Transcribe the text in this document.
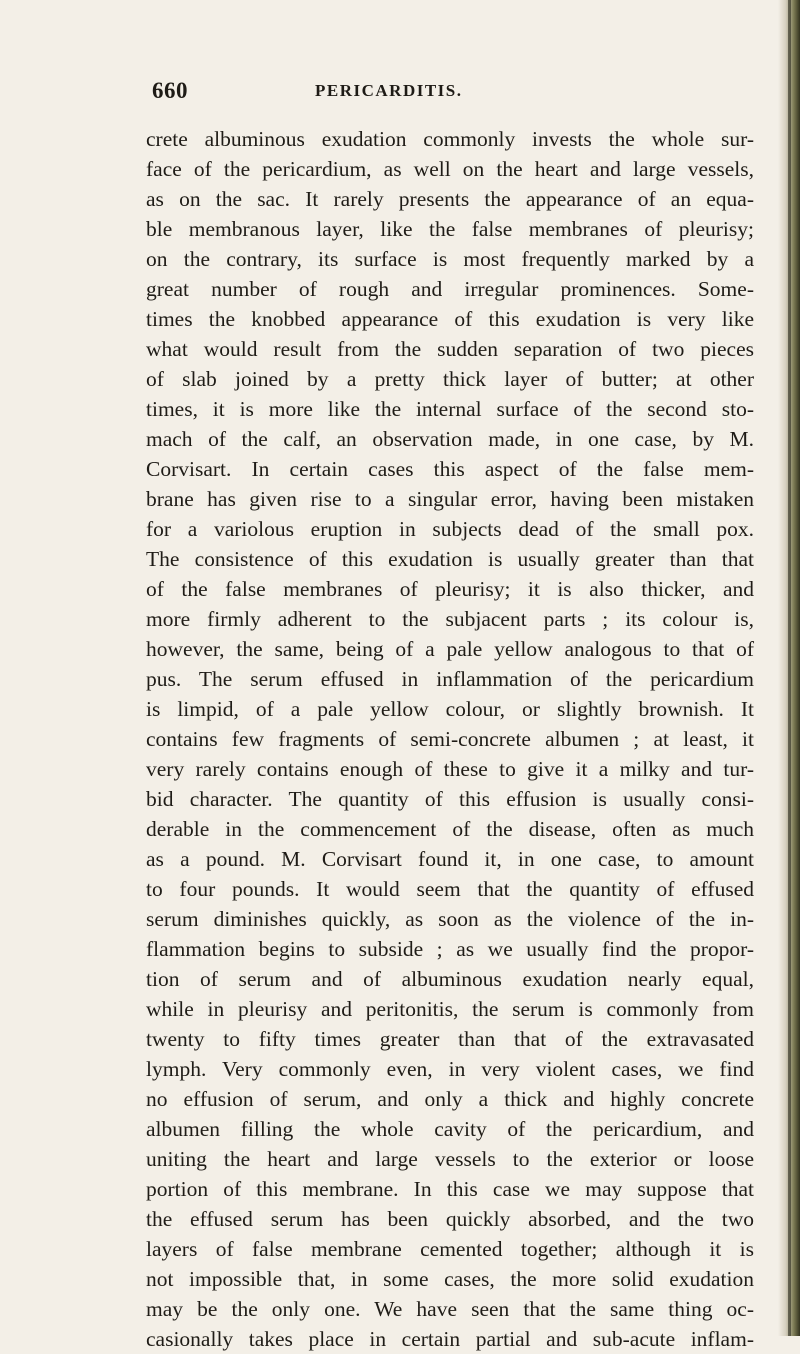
660	PERICARDITIS.
crete albuminous exudation commonly invests the whole sur-
face of the pericardium, as well on the heart and large vessels,
as on the sac. It rarely presents the appearance of an equa-
ble membranous layer, like the false membranes of pleurisy;
on the contrary, its surface is most frequently marked by a
great number of rough and irregular prominences. Some-
times the knobbed appearance of this exudation is very like
what would result from the sudden separation of two pieces
of slab joined by a pretty thick layer of butter; at other
times, it is more like the internal surface of the second sto-
mach of the calf, an observation made, in one case, by M.
Corvisart. In certain cases this aspect of the false mem-
brane has given rise to a singular error, having been mistaken
for a variolous eruption in subjects dead of the small pox.
The consistence of this exudation is usually greater than that
of the false membranes of pleurisy; it is also thicker, and
more firmly adherent to the subjacent parts ; its colour is,
however, the same, being of a pale yellow analogous to that of
pus. The serum effused in inflammation of the pericardium
is limpid, of a pale yellow colour, or slightly brownish. It
contains few fragments of semi-concrete albumen ; at least, it
very rarely contains enough of these to give it a milky and tur-
bid character. The quantity of this effusion is usually consi-
derable in the commencement of the disease, often as much
as a pound. M. Corvisart found it, in one case, to amount
to four pounds. It would seem that the quantity of effused
serum diminishes quickly, as soon as the violence of the in-
flammation begins to subside ; as we usually find the propor-
tion of serum and of albuminous exudation nearly equal,
while in pleurisy and peritonitis, the serum is commonly from
twenty to fifty times greater than that of the extravasated
lymph. Very commonly even, in very violent cases, we find
no effusion of serum, and only a thick and highly concrete
albumen filling the whole cavity of the pericardium, and
uniting the heart and large vessels to the exterior or loose
portion of this membrane. In this case we may suppose that
the effused serum has been quickly absorbed, and the two
layers of false membrane cemented together; although it is
not impossible that, in some cases, the more solid exudation
may be the only one. We have seen that the same thing oc-
casionally takes place in certain partial and sub-acute inflam-
